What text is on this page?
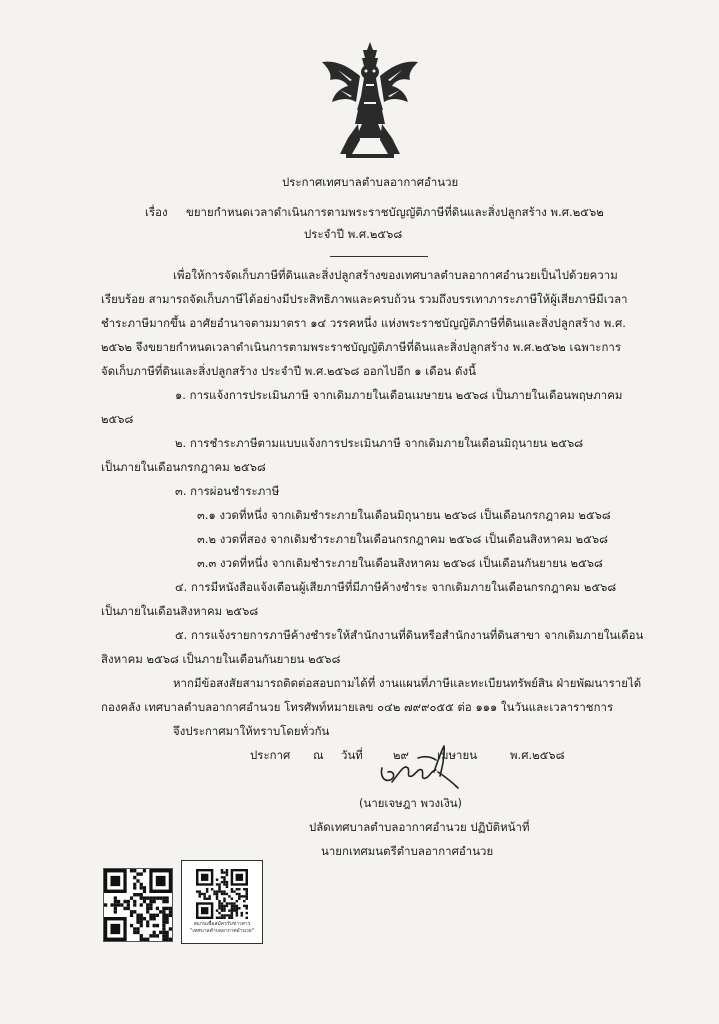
ประกาศเทศบาลตำบลอากาศอำนวย
เรื่อง ขยายกำหนดเวลาดำเนินการตามพระราชบัญญัติภาษีที่ดินและสิ่งปลูกสร้าง พ.ศ.๒๕๖๒
ประจำปี พ.ศ.๒๕๖๘
เพื่อให้การจัดเก็บภาษีที่ดินและสิ่งปลูกสร้างของเทศบาลตำบลอากาศอำนวยเป็นไปด้วยความ
เรียบร้อย สามารถจัดเก็บภาษีได้อย่างมีประสิทธิภาพและครบถ้วน รวมถึงบรรเทาภาระภาษีให้ผู้เสียภาษีมีเวลา
ชำระภาษีมากขึ้น อาศัยอำนาจตามมาตรา ๑๔ วรรคหนึ่ง แห่งพระราชบัญญัติภาษีที่ดินและสิ่งปลูกสร้าง พ.ศ.
๒๕๖๒ จึงขยายกำหนดเวลาดำเนินการตามพระราชบัญญัติภาษีที่ดินและสิ่งปลูกสร้าง พ.ศ.๒๕๖๒ เฉพาะการ
จัดเก็บภาษีที่ดินและสิ่งปลูกสร้าง ประจำปี พ.ศ.๒๕๖๘ ออกไปอีก ๑ เดือน ดังนี้
๑. การแจ้งการประเมินภาษี จากเดิมภายในเดือนเมษายน ๒๕๖๘ เป็นภายในเดือนพฤษภาคม
๒๕๖๘
๒. การชำระภาษีตามแบบแจ้งการประเมินภาษี จากเดิมภายในเดือนมิถุนายน ๒๕๖๘
เป็นภายในเดือนกรกฎาคม ๒๕๖๘
๓. การผ่อนชำระภาษี
๓.๑ งวดที่หนึ่ง จากเดิมชำระภายในเดือนมิถุนายน ๒๕๖๘ เป็นเดือนกรกฎาคม ๒๕๖๘
๓.๒ งวดที่สอง จากเดิมชำระภายในเดือนกรกฎาคม ๒๕๖๘ เป็นเดือนสิงหาคม ๒๕๖๘
๓.๓ งวดที่หนึ่ง จากเดิมชำระภายในเดือนสิงหาคม ๒๕๖๘ เป็นเดือนกันยายน ๒๕๖๘
๔. การมีหนังสือแจ้งเตือนผู้เสียภาษีที่มีภาษีค้างชำระ จากเดิมภายในเดือนกรกฎาคม ๒๕๖๘
เป็นภายในเดือนสิงหาคม ๒๕๖๘
๕. การแจ้งรายการภาษีค้างชำระให้สำนักงานที่ดินหรือสำนักงานที่ดินสาขา จากเดิมภายในเดือน
สิงหาคม ๒๕๖๘ เป็นภายในเดือนกันยายน ๒๕๖๘
หากมีข้อสงสัยสามารถติดต่อสอบถามได้ที่ งานแผนที่ภาษีและทะเบียนทรัพย์สิน ฝ่ายพัฒนารายได้
กองคลัง เทศบาลตำบลอากาศอำนวย โทรศัพท์หมายเลข ๐๔๒ ๗๙๙๐๕๕ ต่อ ๑๑๑ ในวันและเวลาราชการ
จึงประกาศมาให้ทราบโดยทั่วกัน
ประกาศ ณ วันที่	๒๙ เมษายน	พ.ศ.๒๕๖๘
(นายเจษฎา พวงเงิน)
ปลัดเทศบาลตำบลอากาศอำนวย ปฏิบัติหน้าที่
นายกเทศมนตรีตำบลอากาศอำนวย
สแกนเพื่อสมัครรับข่าวสาร "เทศบาลตำบลอากาศอำนวย"
